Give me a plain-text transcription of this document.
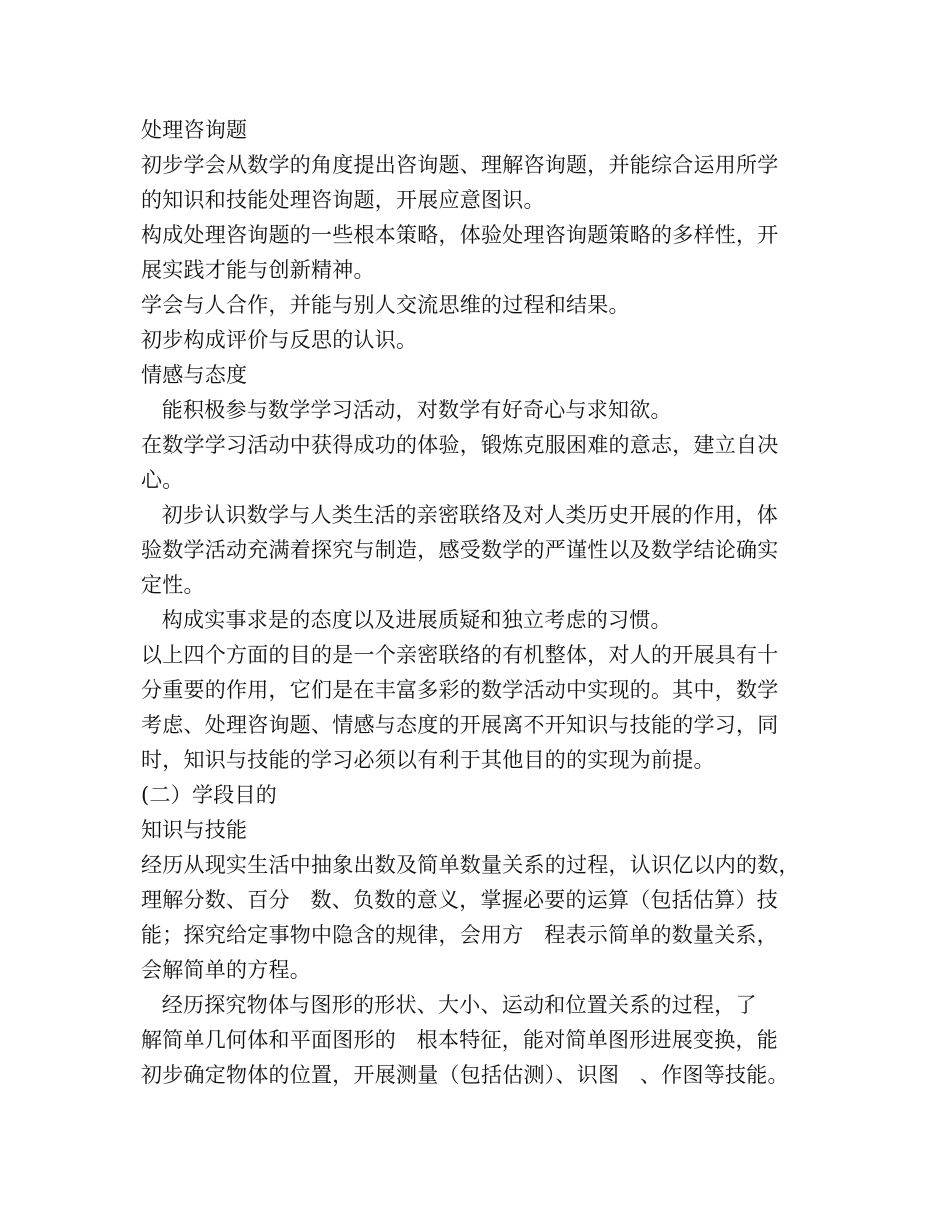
处理咨询题
初步学会从数学的角度提出咨询题、理解咨询题，并能综合运用所学
的知识和技能处理咨询题，开展应意图识。
构成处理咨询题的一些根本策略，体验处理咨询题策略的多样性，开
展实践才能与创新精神。
学会与人合作，并能与别人交流思维的过程和结果。
初步构成评价与反思的认识。
情感与态度
能积极参与数学学习活动，对数学有好奇心与求知欲。
在数学学习活动中获得成功的体验，锻炼克服困难的意志，建立自决
心。
初步认识数学与人类生活的亲密联络及对人类历史开展的作用，体
验数学活动充满着探究与制造，感受数学的严谨性以及数学结论确实
定性。
构成实事求是的态度以及进展质疑和独立考虑的习惯。
以上四个方面的目的是一个亲密联络的有机整体，对人的开展具有十
分重要的作用，它们是在丰富多彩的数学活动中实现的。其中，数学
考虑、处理咨询题、情感与态度的开展离不开知识与技能的学习，同
时，知识与技能的学习必须以有利于其他目的的实现为前提。
(二）学段目的
知识与技能
经历从现实生活中抽象出数及简单数量关系的过程，认识亿以内的数，
理解分数、百分   数、负数的意义，掌握必要的运算（包括估算）技
能；探究给定事物中隐含的规律，会用方   程表示简单的数量关系，
会解简单的方程。
经历探究物体与图形的形状、大小、运动和位置关系的过程，了
解简单几何体和平面图形的   根本特征，能对简单图形进展变换，能
初步确定物体的位置，开展测量（包括估测）、识图   、作图等技能。
